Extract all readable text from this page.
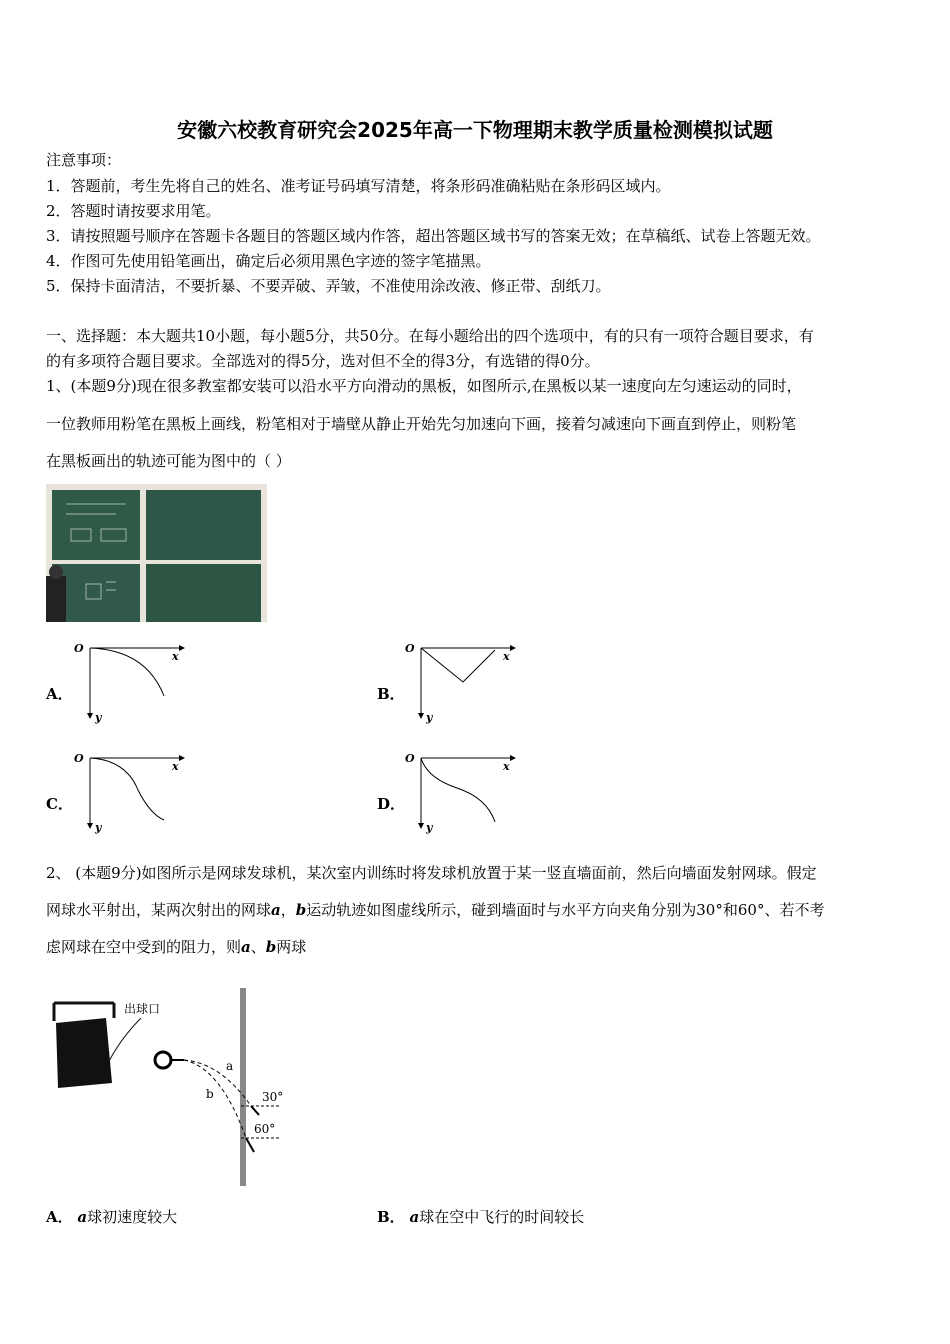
安徽六校教育研究会2025年高一下物理期末教学质量检测模拟试题
注意事项：
1．答题前，考生先将自己的姓名、准考证号码填写清楚，将条形码准确粘贴在条形码区域内。
2．答题时请按要求用笔。
3．请按照题号顺序在答题卡各题目的答题区域内作答，超出答题区域书写的答案无效；在草稿纸、试卷上答题无效。
4．作图可先使用铅笔画出，确定后必须用黑色字迹的签字笔描黑。
5．保持卡面清洁，不要折暴、不要弄破、弄皱，不准使用涂改液、修正带、刮纸刀。
一、选择题：本大题共10小题，每小题5分，共50分。在每小题给出的四个选项中，有的只有一项符合题目要求，有
的有多项符合题目要求。全部选对的得5分，选对但不全的得3分，有选错的得0分。
1、(本题9分)现在很多教室都安装可以沿水平方向滑动的黑板，如图所示,在黑板以某一速度向左匀速运动的同时，
一位教师用粉笔在黑板上画线，粉笔相对于墙壁从静止开始先匀加速向下画，接着匀减速向下画直到停止，则粉笔
在黑板画出的轨迹可能为图中的（ ）
2、 (本题9分)如图所示是网球发球机，某次室内训练时将发球机放置于某一竖直墙面前，然后向墙面发射网球。假定
网球水平射出，某两次射出的网球a，b运动轨迹如图虚线所示，碰到墙面时与水平方向夹角分别为30°和60°、若不考
虑网球在空中受到的阻力，则a、b两球
出球口
a
b	30°
60°
A． a球初速度较大	B． a球在空中飞行的时间较长
A．
O
x
y
B．
O
x
y
C．
O
x
y
D．
O
x
y
